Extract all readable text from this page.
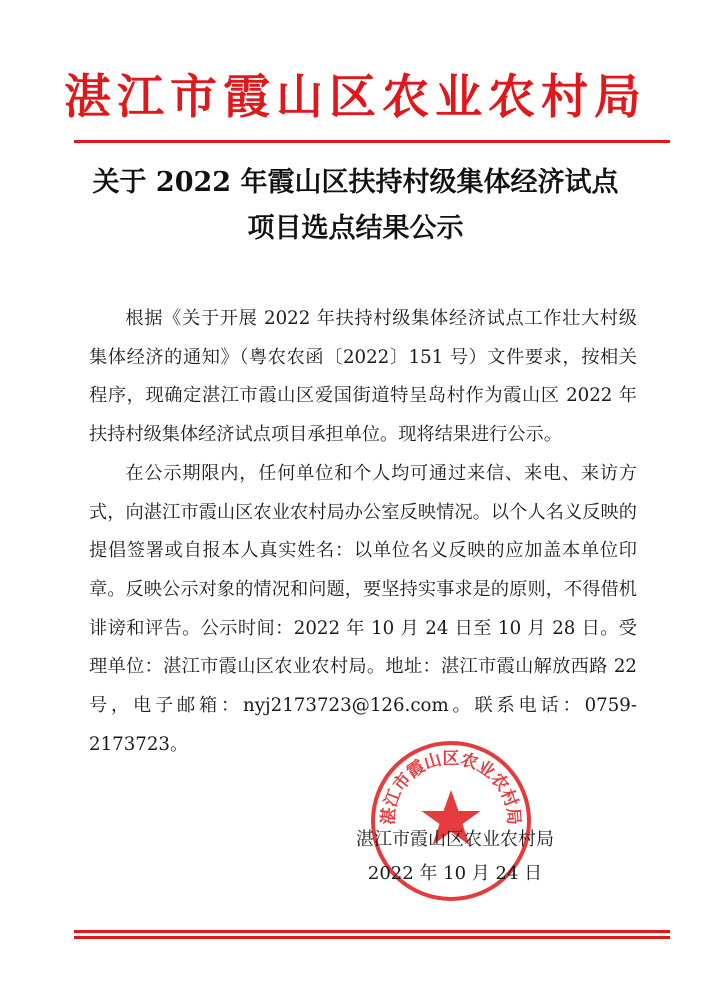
湛江市霞山区农业农村局
关于 2022 年霞山区扶持村级集体经济试点
项目选点结果公示

根据《关于开展 2022 年扶持村级集体经济试点工作壮大村级集体经济的通知》（粤农农函〔2022〕151 号）文件要求，按相关程序，现确定湛江市霞山区爱国街道特呈岛村作为霞山区 2022 年扶持村级集体经济试点项目承担单位。现将结果进行公示。

在公示期限内，任何单位和个人均可通过来信、来电、来访方式，向湛江市霞山区农业农村局办公室反映情况。以个人名义反映的提倡签署或自报本人真实姓名：以单位名义反映的应加盖本单位印章。反映公示对象的情况和问题，要坚持实事求是的原则，不得借机诽谤和评告。公示时间：2022 年 10 月 24 日至 10 月 28 日。受理单位：湛江市霞山区农业农村局。地址：湛江市霞山解放西路 22 号，电子邮箱：nyj2173723@126.com。联系电话：0759-2173723。

湛江市霞山区农业农村局
湛江市霞山区农业农村局
2022 年 10 月 24 日
